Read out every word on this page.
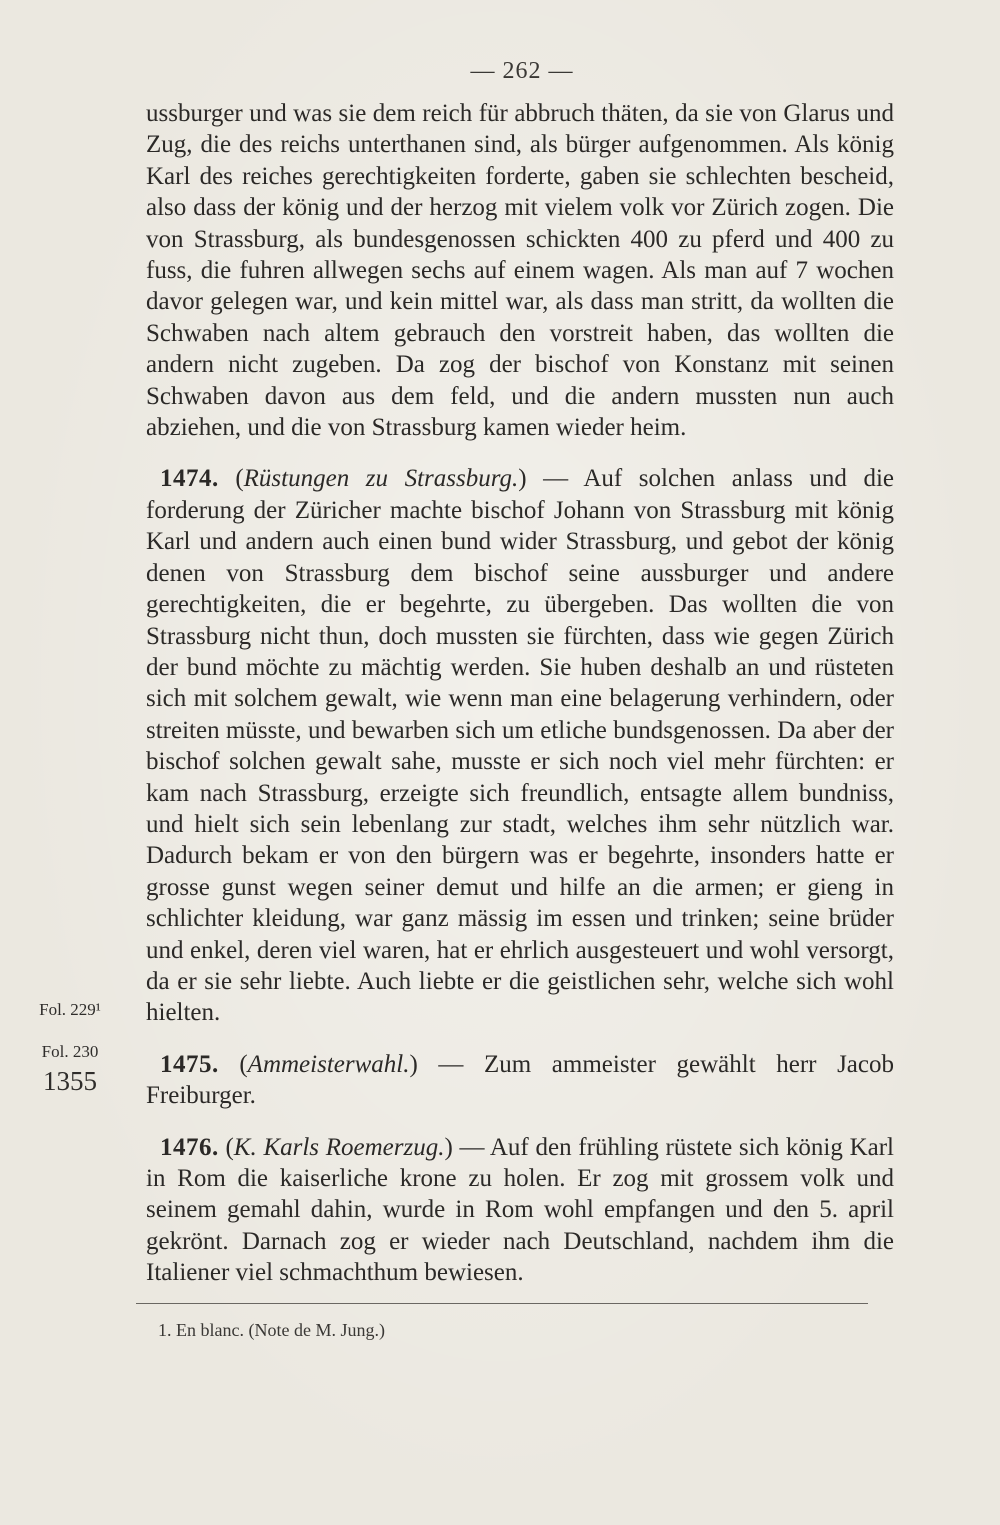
— 262 —

ussburger und was sie dem reich für abbruch thäten, da sie von Glarus und Zug, die des reichs unterthanen sind, als bürger aufgenommen. Als könig Karl des reiches gerechtigkeiten forderte, gaben sie schlechten bescheid, also dass der könig und der herzog mit vielem volk vor Zürich zogen. Die von Strassburg, als bundesgenossen schickten 400 zu pferd und 400 zu fuss, die fuhren allwegen sechs auf einem wagen. Als man auf 7 wochen davor gelegen war, und kein mittel war, als dass man stritt, da wollten die Schwaben nach altem gebrauch den vorstreit haben, das wollten die andern nicht zugeben. Da zog der bischof von Konstanz mit seinen Schwaben davon aus dem feld, und die andern mussten nun auch abziehen, und die von Strassburg kamen wieder heim.

1474. (Rüstungen zu Strassburg.) — Auf solchen anlass und die forderung der Züricher machte bischof Johann von Strassburg mit könig Karl und andern auch einen bund wider Strassburg, und gebot der könig denen von Strassburg dem bischof seine aussburger und andere gerechtigkeiten, die er begehrte, zu übergeben. Das wollten die von Strassburg nicht thun, doch mussten sie fürchten, dass wie gegen Zürich der bund möchte zu mächtig werden. Sie huben deshalb an und rüsteten sich mit solchem gewalt, wie wenn man eine belagerung verhindern, oder streiten müsste, und bewarben sich um etliche bundsgenossen. Da aber der bischof solchen gewalt sahe, musste er sich noch viel mehr fürchten: er kam nach Strassburg, erzeigte sich freundlich, entsagte allem bundniss, und hielt sich sein lebenlang zur stadt, welches ihm sehr nützlich war. Dadurch bekam er von den bürgern was er begehrte, insonders hatte er grosse gunst wegen seiner demut und hilfe an die armen; er gieng in schlichter kleidung, war ganz mässig im essen und trinken; seine brüder und enkel, deren viel waren, hat er ehrlich ausgesteuert und wohl versorgt, da er sie sehr liebte. Auch liebte er die geistlichen sehr, welche sich wohl hielten.

1475. (Ammeisterwahl.) — Zum ammeister gewählt herr Jacob Freiburger.

1476. (K. Karls Roemerzug.) — Auf den frühling rüstete sich könig Karl in Rom die kaiserliche krone zu holen. Er zog mit grossem volk und seinem gemahl dahin, wurde in Rom wohl empfangen und den 5. april gekrönt. Darnach zog er wieder nach Deutschland, nachdem ihm die Italiener viel schmachthum bewiesen.

Fol. 229¹
Fol. 230
1355
1. En blanc. (Note de M. Jung.)
